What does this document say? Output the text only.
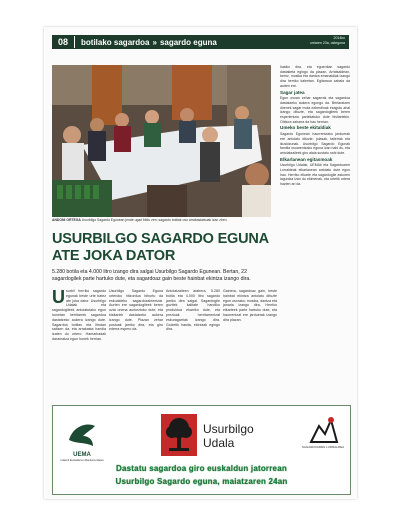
08	botilako sagardoa » sagardo eguna	2014ko
urriaren 23a, osteguna
ANDONI ORTEGA Usurbilgo Sagardo Egunean jende ugari bildu zen; sagardo botilak oso arrakastatsuak izan ziren.
USURBILGO SAGARDO EGUNA ATE JOKA DATOR
5.280 botila eta 4.000 litro izango dira salgai Usurbilgo Sagardo Egunean. Bertan, 22 sagardogilek parte hartuko dute, eta sagardoaz gain beste hainbat ekintza izango dira.
U surbil herriko sagardo egunak beste urte batez ate joka dator. Usurbilgo Udalak eta sagardogileek antolatutako egun honetan herritarrek sagardoa dastatzeko aukera izango dute. Sagardoa botilan eta litrotan saltzen da, eta arrakasta handia izaten du urtero. Hamarkadak daramatza egun honek herrian.

Usurbilgo Sagardo Eguna urteroko hitzordua bihurtu da eskualdeko sagardozaleentzat. Aurten ere sagardogileek beren uzta onena aurkeztuko dute, eta bisitariek dastatzeko aukera izango dute. Plazan zehar postuak jarriko dira, eta giro ederra espero da.

Antolatzaileen arabera, 5.280 botila eta 4.000 litro sagardo jarriko dira salgai. Sagardogile guztiek kalitate handiko produktua ekarriko dute, eta prezioak herritarrentzat eskuragarriak izango dira. Goizetik hasita, ekintzak egingo dira.

Gainera, sagardoaz gain, beste hainbat ekintza antolatu dituzte egun osorako: musika, dantza eta janaria izango dira. Herriko elkarteek parte hartuko dute, eta haurrentzat ere jarduerak izango dira plazan.

hasiko dira, eta eguerdian sagardo dastaketa egingo da plazan. Arratsaldean, berriz, musika eta dantza emanaldiak izango dira herriko kaleetan. Egitaraua zabala da aurten ere.

Sagar jatea

Egun osoan zehar sagarrak eta sagardoa dastatzeko aukera egongo da. Bertaratzen direnek sagar mota ezberdinak ezagutu ahal izango dituzte, eta sagardogileek beren esperientzia partekatuko dute bisitariekin. Ohitura zaharra da hau herrian.

Umeko beste ekitaldiak

Sagardo Egunean haurrentzako jarduerak ere antolatu dituzte: jolasak, tailerrak eta ikuskizunak. Usurbilgo Sagardo Egunak familia osoarentzako eguna izan nahi du, eta antolatzaileek giro alaia sustatu nahi dute.

Elkarlanean egitasmoak

Usurbilgo Udalak, UEMAk eta Sagardoaren Lurraldeak elkarlanean antolatu dute egun hau. Herriko elkarte eta sagardogile askoren laguntza izan du ekimenak, eta urtetik urtera hazten ari da.

UEMA
Udalerri Euskaldunen Mankomunitatea
Usurbilgo
Udala	SAGARDOAREN LURRALDEA
Dastatu sagardoa giro euskaldun jatorrean
Usurbilgo Sagardo eguna, maiatzaren 24an
